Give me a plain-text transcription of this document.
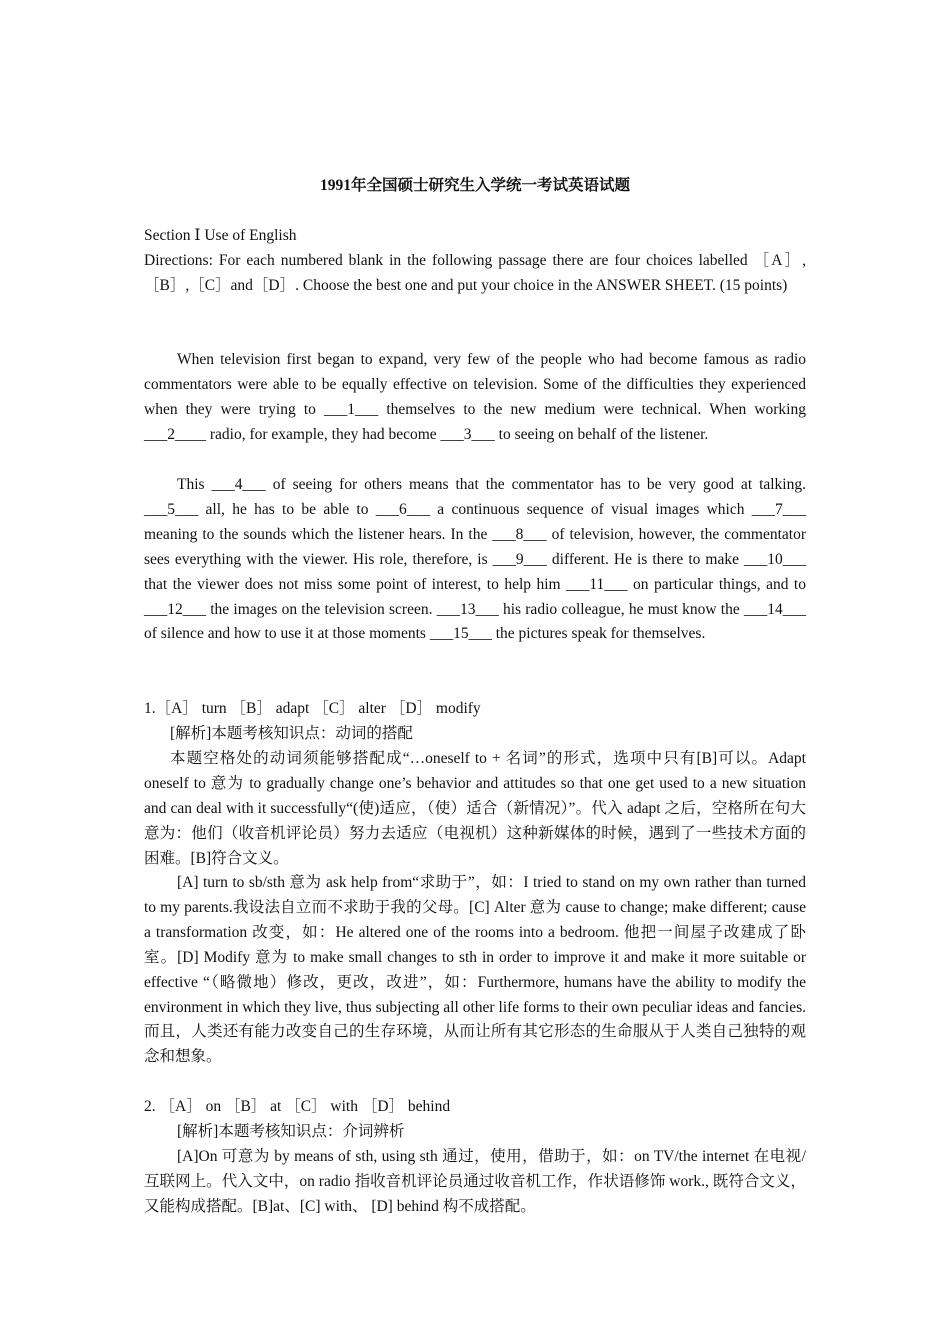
1991年全国硕士研究生入学统一考试英语试题

Section Ⅰ Use of English

Directions: For each numbered blank in the following passage there are four choices labelled ［A］,［B］,［C］and［D］. Choose the best one and put your choice in the ANSWER SHEET. (15 points)

When television first began to expand, very few of the people who had become famous as radio commentators were able to be equally effective on television. Some of the difficulties they experienced when they were trying to ___1___ themselves to the new medium were technical. When working ___2____ radio, for example, they had become ___3___ to seeing on behalf of the listener.

This ___4___ of seeing for others means that the commentator has to be very good at talking. ___5___ all, he has to be able to ___6___ a continuous sequence of visual images which ___7___ meaning to the sounds which the listener hears. In the ___8___ of television, however, the commentator sees everything with the viewer. His role, therefore, is ___9___ different. He is there to make ___10___ that the viewer does not miss some point of interest, to help him ___11___ on particular things, and to ___12___ the images on the television screen. ___13___ his radio colleague, he must know the ___14___ of silence and how to use it at those moments ___15___ the pictures speak for themselves.

1.［A］ turn ［B］ adapt ［C］ alter ［D］ modify

[解析]本题考核知识点：动词的搭配

本题空格处的动词须能够搭配成“…oneself to + 名词”的形式，选项中只有[B]可以。Adapt oneself to 意为 to gradually change one’s behavior and attitudes so that one get used to a new situation and can deal with it successfully“(使)适应，（使）适合（新情况）”。代入 adapt 之后，空格所在句大意为：他们（收音机评论员）努力去适应（电视机）这种新媒体的时候，遇到了一些技术方面的困难。[B]符合文义。

[A] turn to sb/sth 意为 ask help from“求助于”，如：I tried to stand on my own rather than turned to my parents.我设法自立而不求助于我的父母。[C] Alter 意为 cause to change; make different; cause a transformation 改变，如：He altered one of the rooms into a bedroom. 他把一间屋子改建成了卧室。[D] Modify 意为 to make small changes to sth in order to improve it and make it more suitable or effective “（略微地）修改，更改，改进”，如：Furthermore, humans have the ability to modify the environment in which they live, thus subjecting all other life forms to their own peculiar ideas and fancies. 而且，人类还有能力改变自己的生存环境，从而让所有其它形态的生命服从于人类自己独特的观念和想象。

2. ［A］ on ［B］ at ［C］ with ［D］ behind

[解析]本题考核知识点：介词辨析

[A]On 可意为 by means of sth, using sth 通过，使用，借助于，如：on TV/the internet 在电视/互联网上。代入文中，on radio 指收音机评论员通过收音机工作，作状语修饰 work., 既符合文义，又能构成搭配。[B]at、[C] with、 [D] behind 构不成搭配。
